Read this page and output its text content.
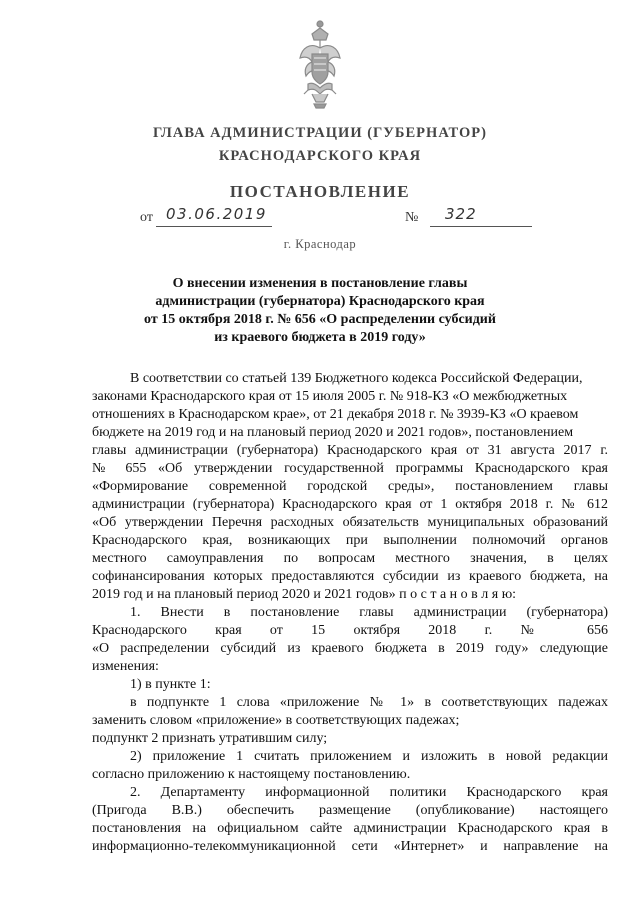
ГЛАВА АДМИНИСТРАЦИИ (ГУБЕРНАТОР)
КРАСНОДАРСКОГО КРАЯ
ПОСТАНОВЛЕНИЕ
от 03.06.2019	№ 322
г. Краснодар
О внесении изменения в постановление главы
администрации (губернатора) Краснодарского края
от 15 октября 2018 г. № 656 «О распределении субсидий
из краевого бюджета в 2019 году»
В соответствии со статьей 139 Бюджетного кодекса Российской Федерации,
законами Краснодарского края от 15 июля 2005 г. № 918-КЗ «О межбюджетных
отношениях в Краснодарском крае», от 21 декабря 2018 г. № 3939-КЗ «О краевом
бюджете на 2019 год и на плановый период 2020 и 2021 годов», постановлением
главы администрации (губернатора) Краснодарского края от 31 августа 2017 г.
№ 655 «Об утверждении государственной программы Краснодарского края
«Формирование современной городской среды», постановлением главы
администрации (губернатора) Краснодарского края от 1 октября 2018 г. № 612
«Об утверждении Перечня расходных обязательств муниципальных образований
Краснодарского края, возникающих при выполнении полномочий органов
местного самоуправления по вопросам местного значения, в целях
софинансирования которых предоставляются субсидии из краевого бюджета, на
2019 год и на плановый период 2020 и 2021 годов» п о с т а н о в л я ю:
1. Внести в постановление главы администрации (губернатора)
Краснодарского края от 15 октября 2018 г. № 656
«О распределении субсидий из краевого бюджета в 2019 году» следующие
изменения:
1) в пункте 1:
в подпункте 1 слова «приложение № 1» в соответствующих падежах
заменить словом «приложение» в соответствующих падежах;
подпункт 2 признать утратившим силу;
2) приложение 1 считать приложением и изложить в новой редакции
согласно приложению к настоящему постановлению.
2. Департаменту информационной политики Краснодарского края
(Пригода В.В.) обеспечить размещение (опубликование) настоящего
постановления на официальном сайте администрации Краснодарского края в
информационно-телекоммуникационной сети «Интернет» и направление на
